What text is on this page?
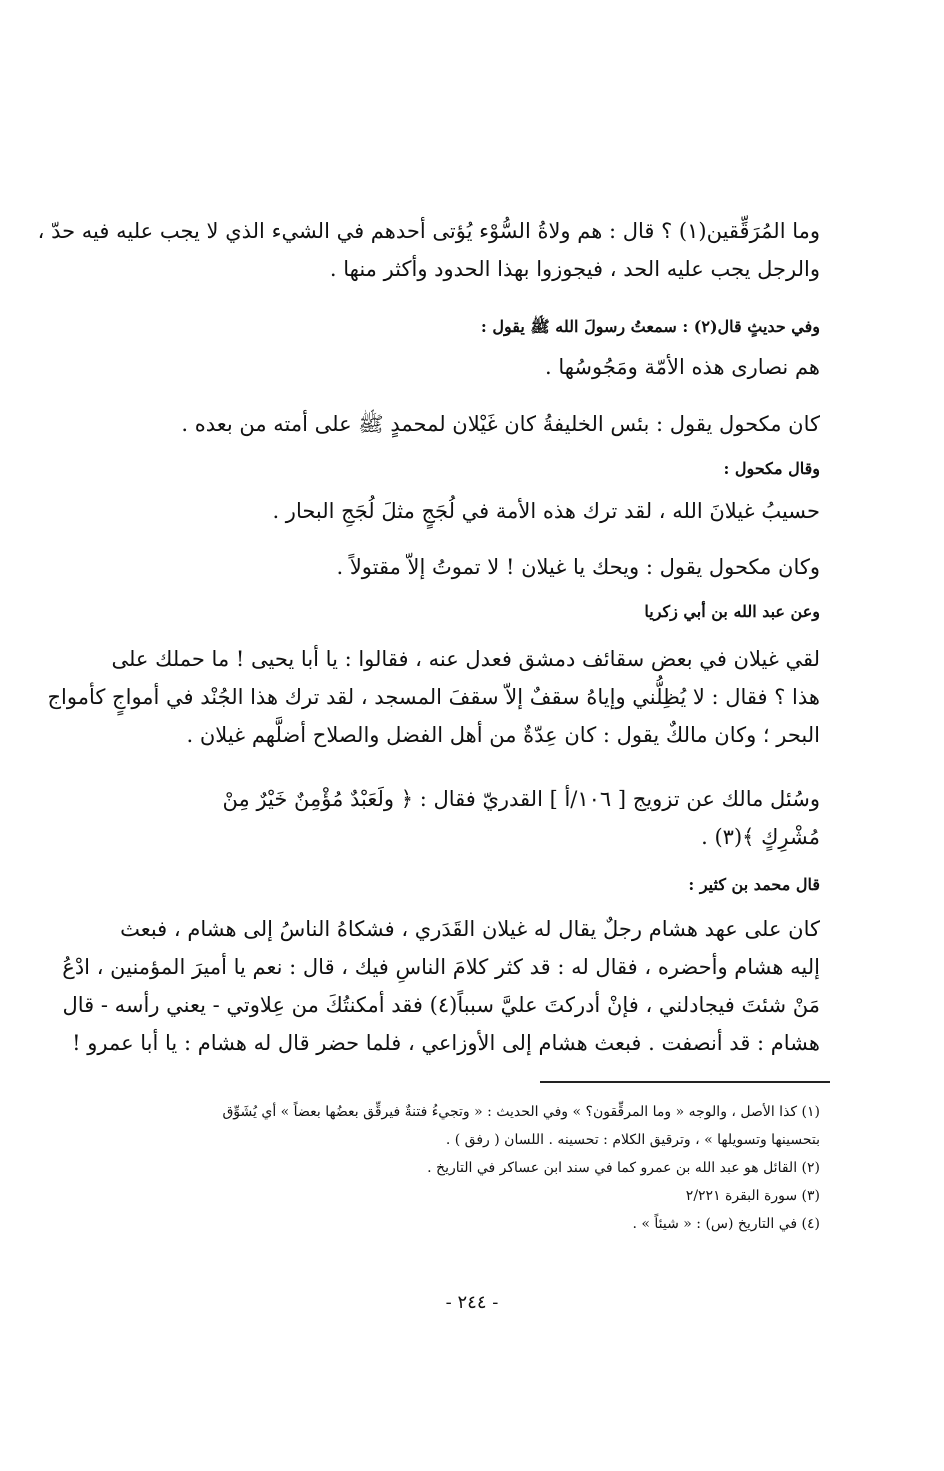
وما المُرَقِّقين(١) ؟ قال : هم ولاةُ السُّوْء يُؤتى أحدهم في الشيء الذي لا يجب عليه فيه حدّ ،
والرجل يجب عليه الحد ، فيجوزوا بهذا الحدود وأكثر منها .
وفي حديثٍ قال(٢) : سمعتُ رسولَ الله ﷺ يقول :
هم نصارى هذه الأمّة ومَجُوسُها .
كان مكحول يقول : بئس الخليفةُ كان غَيْلان لمحمدٍ ﷺ على أمته من بعده .
وقال مكحول :
حسيبُ غيلانَ الله ، لقد ترك هذه الأمة في لُجَجٍ مثلَ لُجَجِ البحار .
وكان مكحول يقول : ويحك يا غيلان ! لا تموتُ إلاّ مقتولاً .
وعن عبد الله بن أبي زكريا
لقي غيلان في بعض سقائف دمشق فعدل عنه ، فقالوا : يا أبا يحيى ! ما حملك على
هذا ؟ فقال : لا يُظِلُّني وإياهُ سقفٌ إلاّ سقفَ المسجد ، لقد ترك هذا الجُنْد في أمواجٍ كأمواج
البحر ؛ وكان مالكٌ يقول : كان عِدّةٌ من أهل الفضل والصلاح أضلَّهم غيلان .
وسُئل مالك عن تزويج [ ١٠٦/أ ] القدريّ فقال : ﴿ ولَعَبْدٌ مُؤْمِنٌ خَيْرٌ مِنْ
مُشْرِكٍ ﴾(٣) .
قال محمد بن كثير :
كان على عهد هشام رجلٌ يقال له غيلان القَدَري ، فشكاهُ الناسُ إلى هشام ، فبعث
إليه هشام وأحضره ، فقال له : قد كثر كلامَ الناسِ فيك ، قال : نعم يا أميرَ المؤمنين ، ادْعُ
مَنْ شئتَ فيجادلني ، فإنْ أدركتَ عليَّ سبباً(٤) فقد أمكنتُكَ من عِلاوتي - يعني رأسه - قال
هشام : قد أنصفت . فبعث هشام إلى الأوزاعي ، فلما حضر قال له هشام : يا أبا عمرو !
(١) كذا الأصل ، والوجه « وما المرقِّقون؟ » وفي الحديث : « وتجيءُ فتنةٌ فيرقِّق بعضُها بعضاً » أي يُشَوِّق
بتحسينها وتسويلها » ، وترقيق الكلام : تحسينه . اللسان ( رفق ) .
(٢) القائل هو عبد الله بن عمرو كما في سند ابن عساكر في التاريخ .
(٣) سورة البقرة ٢/٢٢١
(٤) في التاريخ (س) : « شيئاً » .
- ٢٤٤ -
